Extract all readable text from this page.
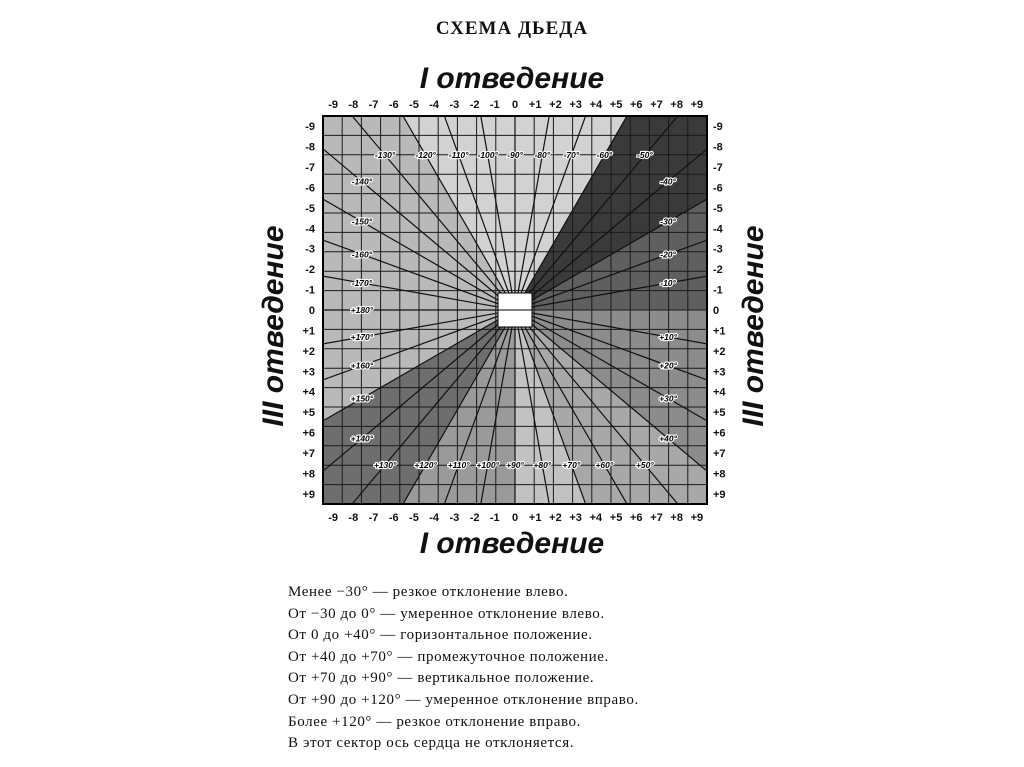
СХЕМА ДЬЕДА
I отведение
III отведение	III отведение
-100° -90° -80° -70° -60°	-50°
-40°
-30°
-20°
-10°
+10°
+20°
+30°
+40°
+50°
+60°
+70°
+80°
+90°
+100°
+110°
+120°
+130°
+140°
+150°
+160°
+170°
+180°
-170°
-160°
-150°
-140°
-130° -120° -110°
-9
-9
-8
-8
-7
-7
-6
-6
-5
-5
-4
-4
-3
-3
-2
-2
-1
-1
0
0
+1
+1
+2
+2
+3
+3
+4
+4
+5
+5
+6
+6
+7
+7
+8
+8
+9
+9
-9	-9
-8	-8
-7	-7
-6	-6
-5	-5
-4	-4
-3	-3
-2	-2
-1	-1
0	0
+1	+1
+2	+2
+3	+3
+4	+4
+5	+5
+6	+6
+7	+7
+8	+8
+9	+9
I отведение
Менее −30° — резкое отклонение влево.
От −30 до 0° — умеренное отклонение влево.
От 0 до +40° — горизонтальное положение.
От +40 до +70° — промежуточное положение.
От +70 до +90° — вертикальное положение.
От +90 до +120° — умеренное отклонение вправо.
Более +120° — резкое отклонение вправо.
В этот сектор ось сердца не отклоняется.
